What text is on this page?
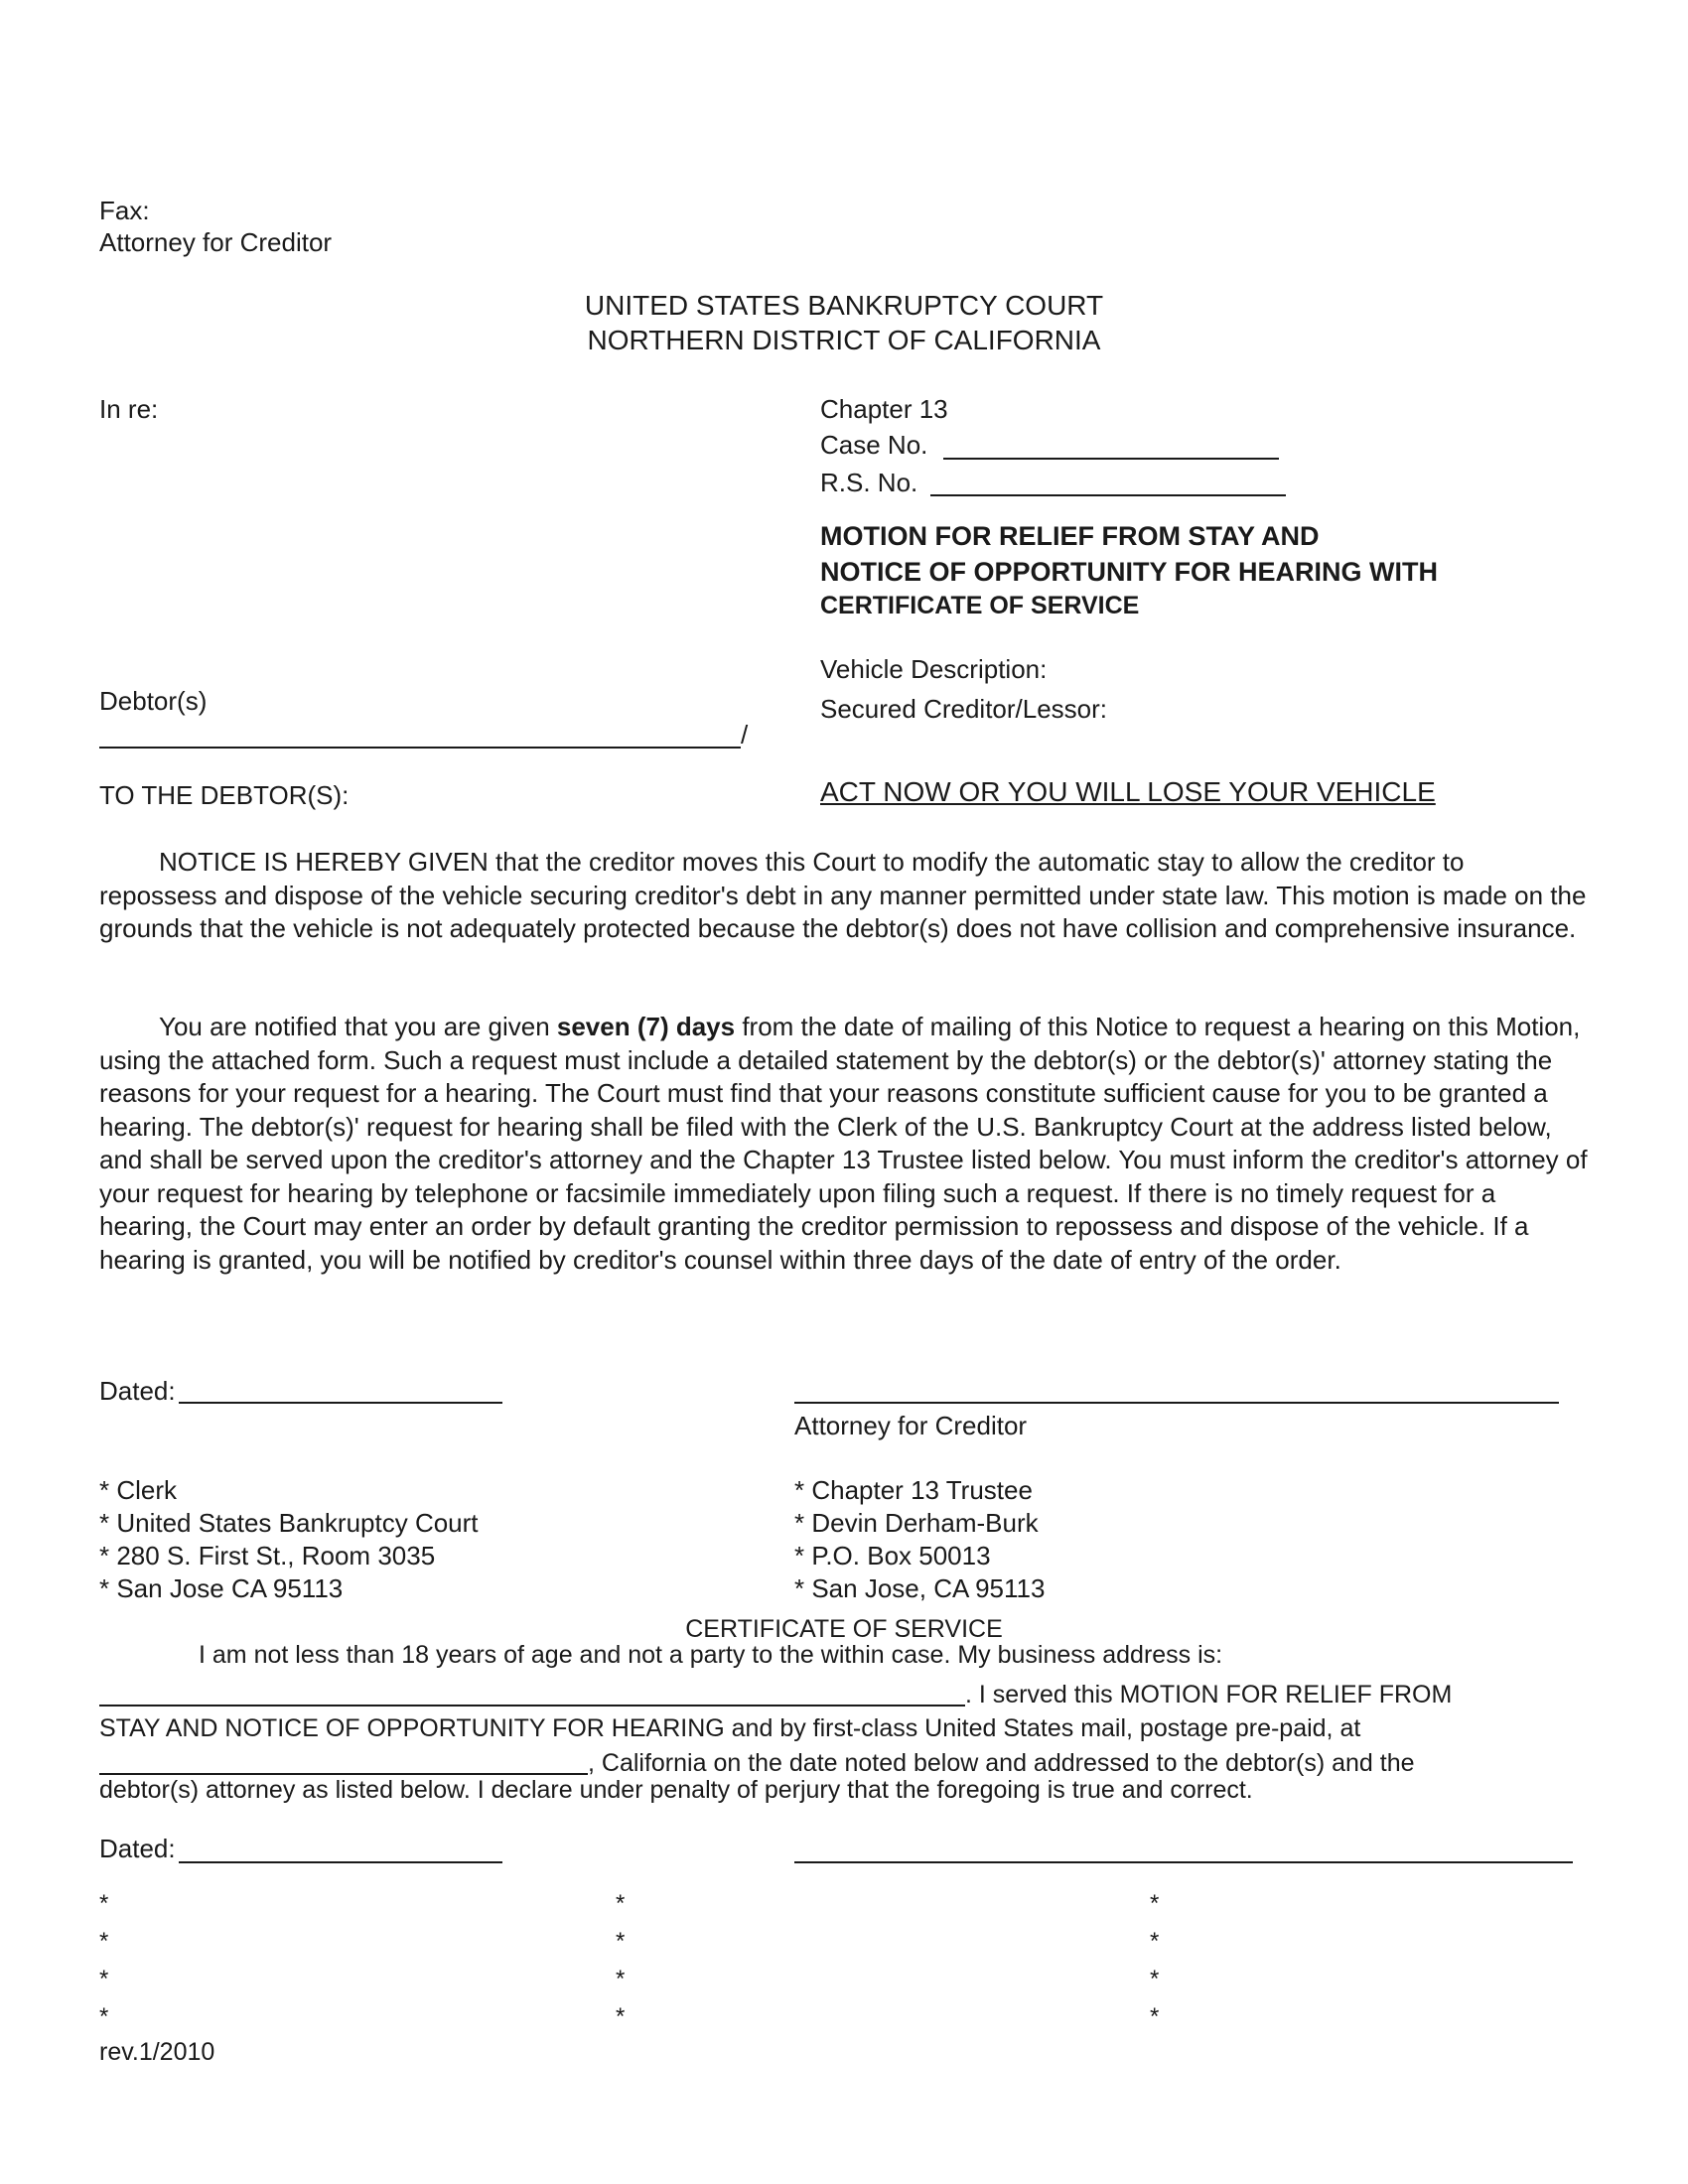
Fax:
Attorney for Creditor
UNITED STATES BANKRUPTCY COURT
NORTHERN DISTRICT OF CALIFORNIA
In re:
Debtor(s)
/
Chapter 13
Case No.
R.S. No.
MOTION FOR RELIEF FROM STAY AND
NOTICE OF OPPORTUNITY FOR HEARING WITH
CERTIFICATE OF SERVICE
Vehicle Description:
Secured Creditor/Lessor:
TO THE DEBTOR(S):	ACT NOW OR YOU WILL LOSE YOUR VEHICLE

NOTICE IS HEREBY GIVEN that the creditor moves this Court to modify the automatic stay to allow the creditor to repossess and dispose of the vehicle securing creditor's debt in any manner permitted under state law. This motion is made on the grounds that the vehicle is not adequately protected because the debtor(s) does not have collision and comprehensive insurance.

You are notified that you are given seven (7) days from the date of mailing of this Notice to request a hearing on this Motion, using the attached form. Such a request must include a detailed statement by the debtor(s) or the debtor(s)' attorney stating the reasons for your request for a hearing. The Court must find that your reasons constitute sufficient cause for you to be granted a hearing. The debtor(s)' request for hearing shall be filed with the Clerk of the U.S. Bankruptcy Court at the address listed below, and shall be served upon the creditor's attorney and the Chapter 13 Trustee listed below. You must inform the creditor's attorney of your request for hearing by telephone or facsimile immediately upon filing such a request. If there is no timely request for a hearing, the Court may enter an order by default granting the creditor permission to repossess and dispose of the vehicle. If a hearing is granted, you will be notified by creditor's counsel within three days of the date of entry of the order.

Dated:
Attorney for Creditor
* Clerk
* United States Bankruptcy Court
* 280 S. First St., Room 3035
* San Jose CA 95113
* Chapter 13 Trustee
* Devin Derham-Burk
* P.O. Box 50013
* San Jose, CA 95113
CERTIFICATE OF SERVICE
I am not less than 18 years of age and not a party to the within case. My business address is:
. I served this MOTION FOR RELIEF FROM
STAY AND NOTICE OF OPPORTUNITY FOR HEARING and by first-class United States mail, postage pre-paid, at
, California on the date noted below and addressed to the debtor(s) and the
debtor(s) attorney as listed below. I declare under penalty of perjury that the foregoing is true and correct.
Dated:
*
*
*
*
*
*
*
*
*
*
*
*
rev.1/2010
